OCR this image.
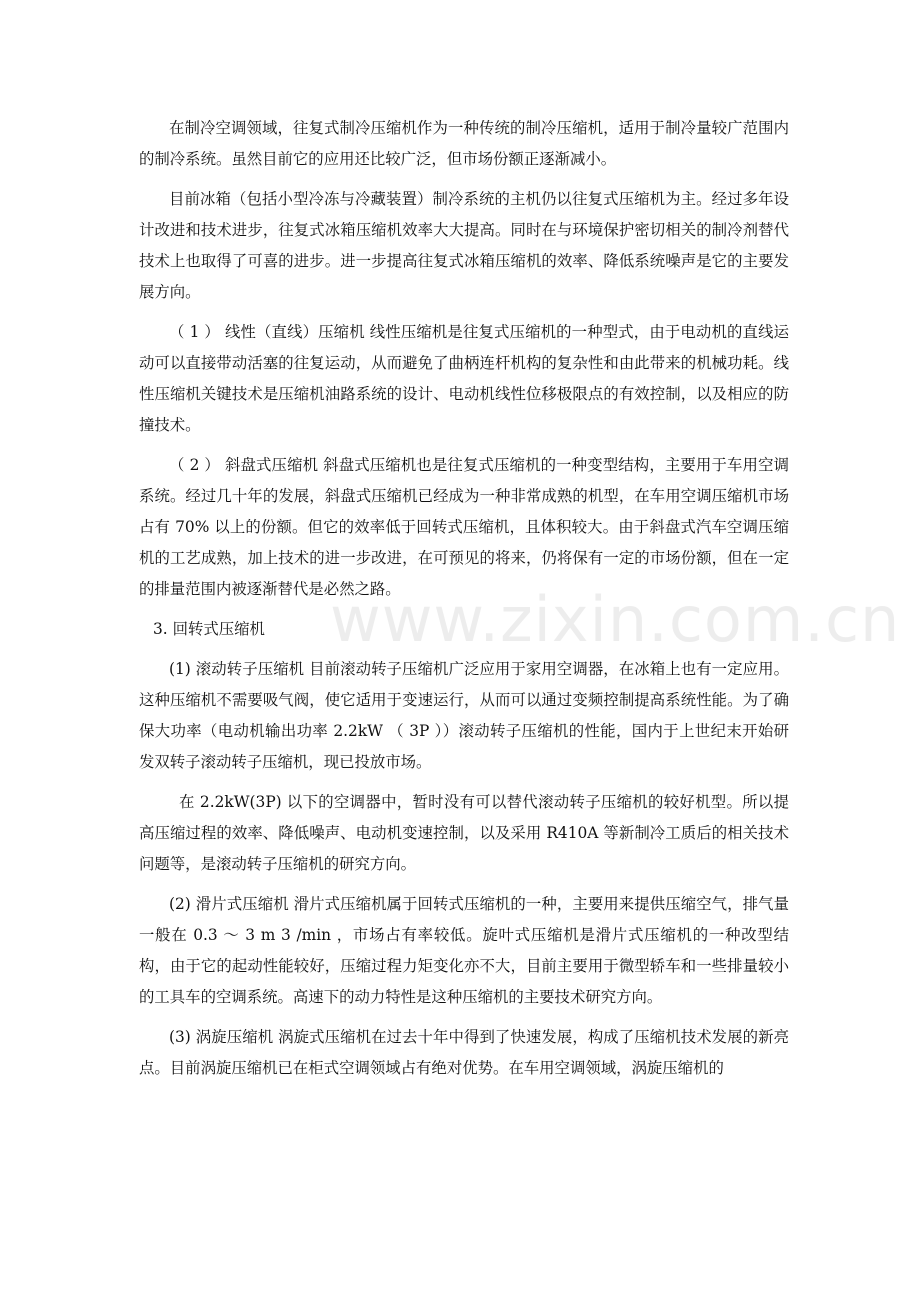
在制冷空调领域，往复式制冷压缩机作为一种传统的制冷压缩机，适用于制冷量较广范围内的制冷系统。虽然目前它的应用还比较广泛，但市场份额正逐渐减小。

目前冰箱（包括小型冷冻与冷藏装置）制冷系统的主机仍以往复式压缩机为主。经过多年设计改进和技术进步，往复式冰箱压缩机效率大大提高。同时在与环境保护密切相关的制冷剂替代技术上也取得了可喜的进步。进一步提高往复式冰箱压缩机的效率、降低系统噪声是它的主要发展方向。

（ 1 ） 线性（直线）压缩机 线性压缩机是往复式压缩机的一种型式，由于电动机的直线运动可以直接带动活塞的往复运动，从而避免了曲柄连杆机构的复杂性和由此带来的机械功耗。线性压缩机关键技术是压缩机油路系统的设计、电动机线性位移极限点的有效控制，以及相应的防撞技术。

（ 2 ） 斜盘式压缩机 斜盘式压缩机也是往复式压缩机的一种变型结构，主要用于车用空调系统。经过几十年的发展，斜盘式压缩机已经成为一种非常成熟的机型，在车用空调压缩机市场占有 70% 以上的份额。但它的效率低于回转式压缩机，且体积较大。由于斜盘式汽车空调压缩机的工艺成熟，加上技术的进一步改进，在可预见的将来，仍将保有一定的市场份额，但在一定的排量范围内被逐渐替代是必然之路。

3. 回转式压缩机

(1) 滚动转子压缩机 目前滚动转子压缩机广泛应用于家用空调器，在冰箱上也有一定应用。这种压缩机不需要吸气阀，使它适用于变速运行，从而可以通过变频控制提高系统性能。为了确保大功率（电动机输出功率 2.2kW （ 3P ））滚动转子压缩机的性能，国内于上世纪末开始研发双转子滚动转子压缩机，现已投放市场。

在 2.2kW(3P) 以下的空调器中，暂时没有可以替代滚动转子压缩机的较好机型。所以提高压缩过程的效率、降低噪声、电动机变速控制，以及采用 R410A 等新制冷工质后的相关技术问题等，是滚动转子压缩机的研究方向。

(2) 滑片式压缩机 滑片式压缩机属于回转式压缩机的一种，主要用来提供压缩空气，排气量一般在 0.3 ～ 3 m 3 /min ，市场占有率较低。旋叶式压缩机是滑片式压缩机的一种改型结构，由于它的起动性能较好，压缩过程力矩变化亦不大，目前主要用于微型轿车和一些排量较小的工具车的空调系统。高速下的动力特性是这种压缩机的主要技术研究方向。

(3) 涡旋压缩机 涡旋式压缩机在过去十年中得到了快速发展，构成了压缩机技术发展的新亮点。目前涡旋压缩机已在柜式空调领域占有绝对优势。在车用空调领域，涡旋压缩机的

www.zixin.com.cn
